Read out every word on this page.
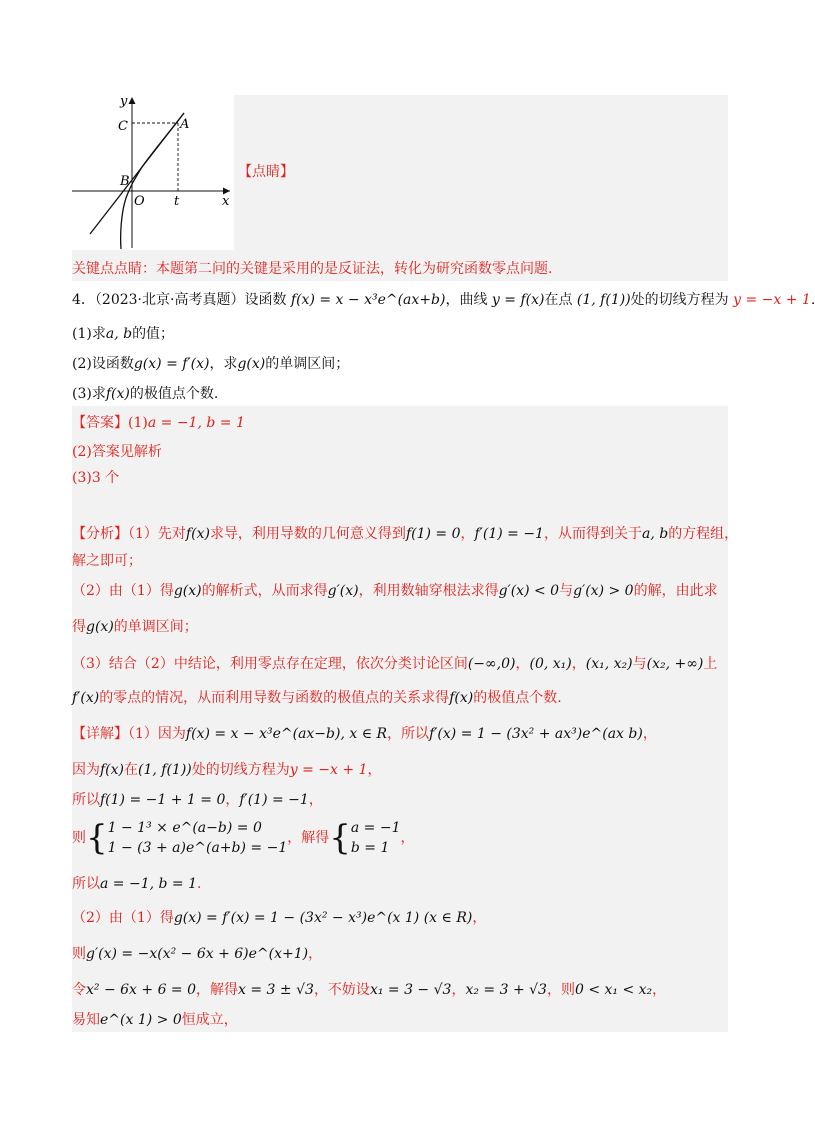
y
C	A
B
O t	x
【点睛】
关键点点睛：本题第二问的关键是采用的是反证法，转化为研究函数零点问题.
4．（2023·北京·高考真题）设函数 f(x) = x − x³e^(ax+b)，曲线 y = f(x)在点 (1, f(1))处的切线方程为 y = −x + 1.
(1)求a, b的值；
(2)设函数g(x) = f′(x)，求g(x)的单调区间；
(3)求f(x)的极值点个数.
【答案】(1)a = −1, b = 1
(2)答案见解析
(3)3 个
【分析】（1）先对f(x)求导，利用导数的几何意义得到f(1) = 0，f′(1) = −1，从而得到关于a, b的方程组，
解之即可；
（2）由（1）得g(x)的解析式，从而求得g′(x)，利用数轴穿根法求得g′(x) < 0与g′(x) > 0的解，由此求
得g(x)的单调区间；
（3）结合（2）中结论，利用零点存在定理，依次分类讨论区间(−∞,0)，(0, x₁)，(x₁, x₂)与(x₂, +∞)上
f′(x)的零点的情况，从而利用导数与函数的极值点的关系求得f(x)的极值点个数.
【详解】（1）因为f(x) = x − x³e^(ax−b), x ∈ R，所以f′(x) = 1 − (3x² + ax³)e^(ax b)，
因为f(x)在(1, f(1))处的切线方程为y = −x + 1，
所以f(1) = −1 + 1 = 0，f′(1) = −1，
则{ 1 − 1³ × e^(a−b) = 0
1 − (3 + a)e^(a+b) = −1
，解得{ a = −1
b = 1
，
所以a = −1, b = 1.
（2）由（1）得g(x) = f′(x) = 1 − (3x² − x³)e^(x 1) (x ∈ R)，
则g′(x) = −x(x² − 6x + 6)e^(x+1)，
令x² − 6x + 6 = 0，解得x = 3 ± √3，不妨设x₁ = 3 − √3，x₂ = 3 + √3，则0 < x₁ < x₂，
易知e^(x 1) > 0恒成立，
